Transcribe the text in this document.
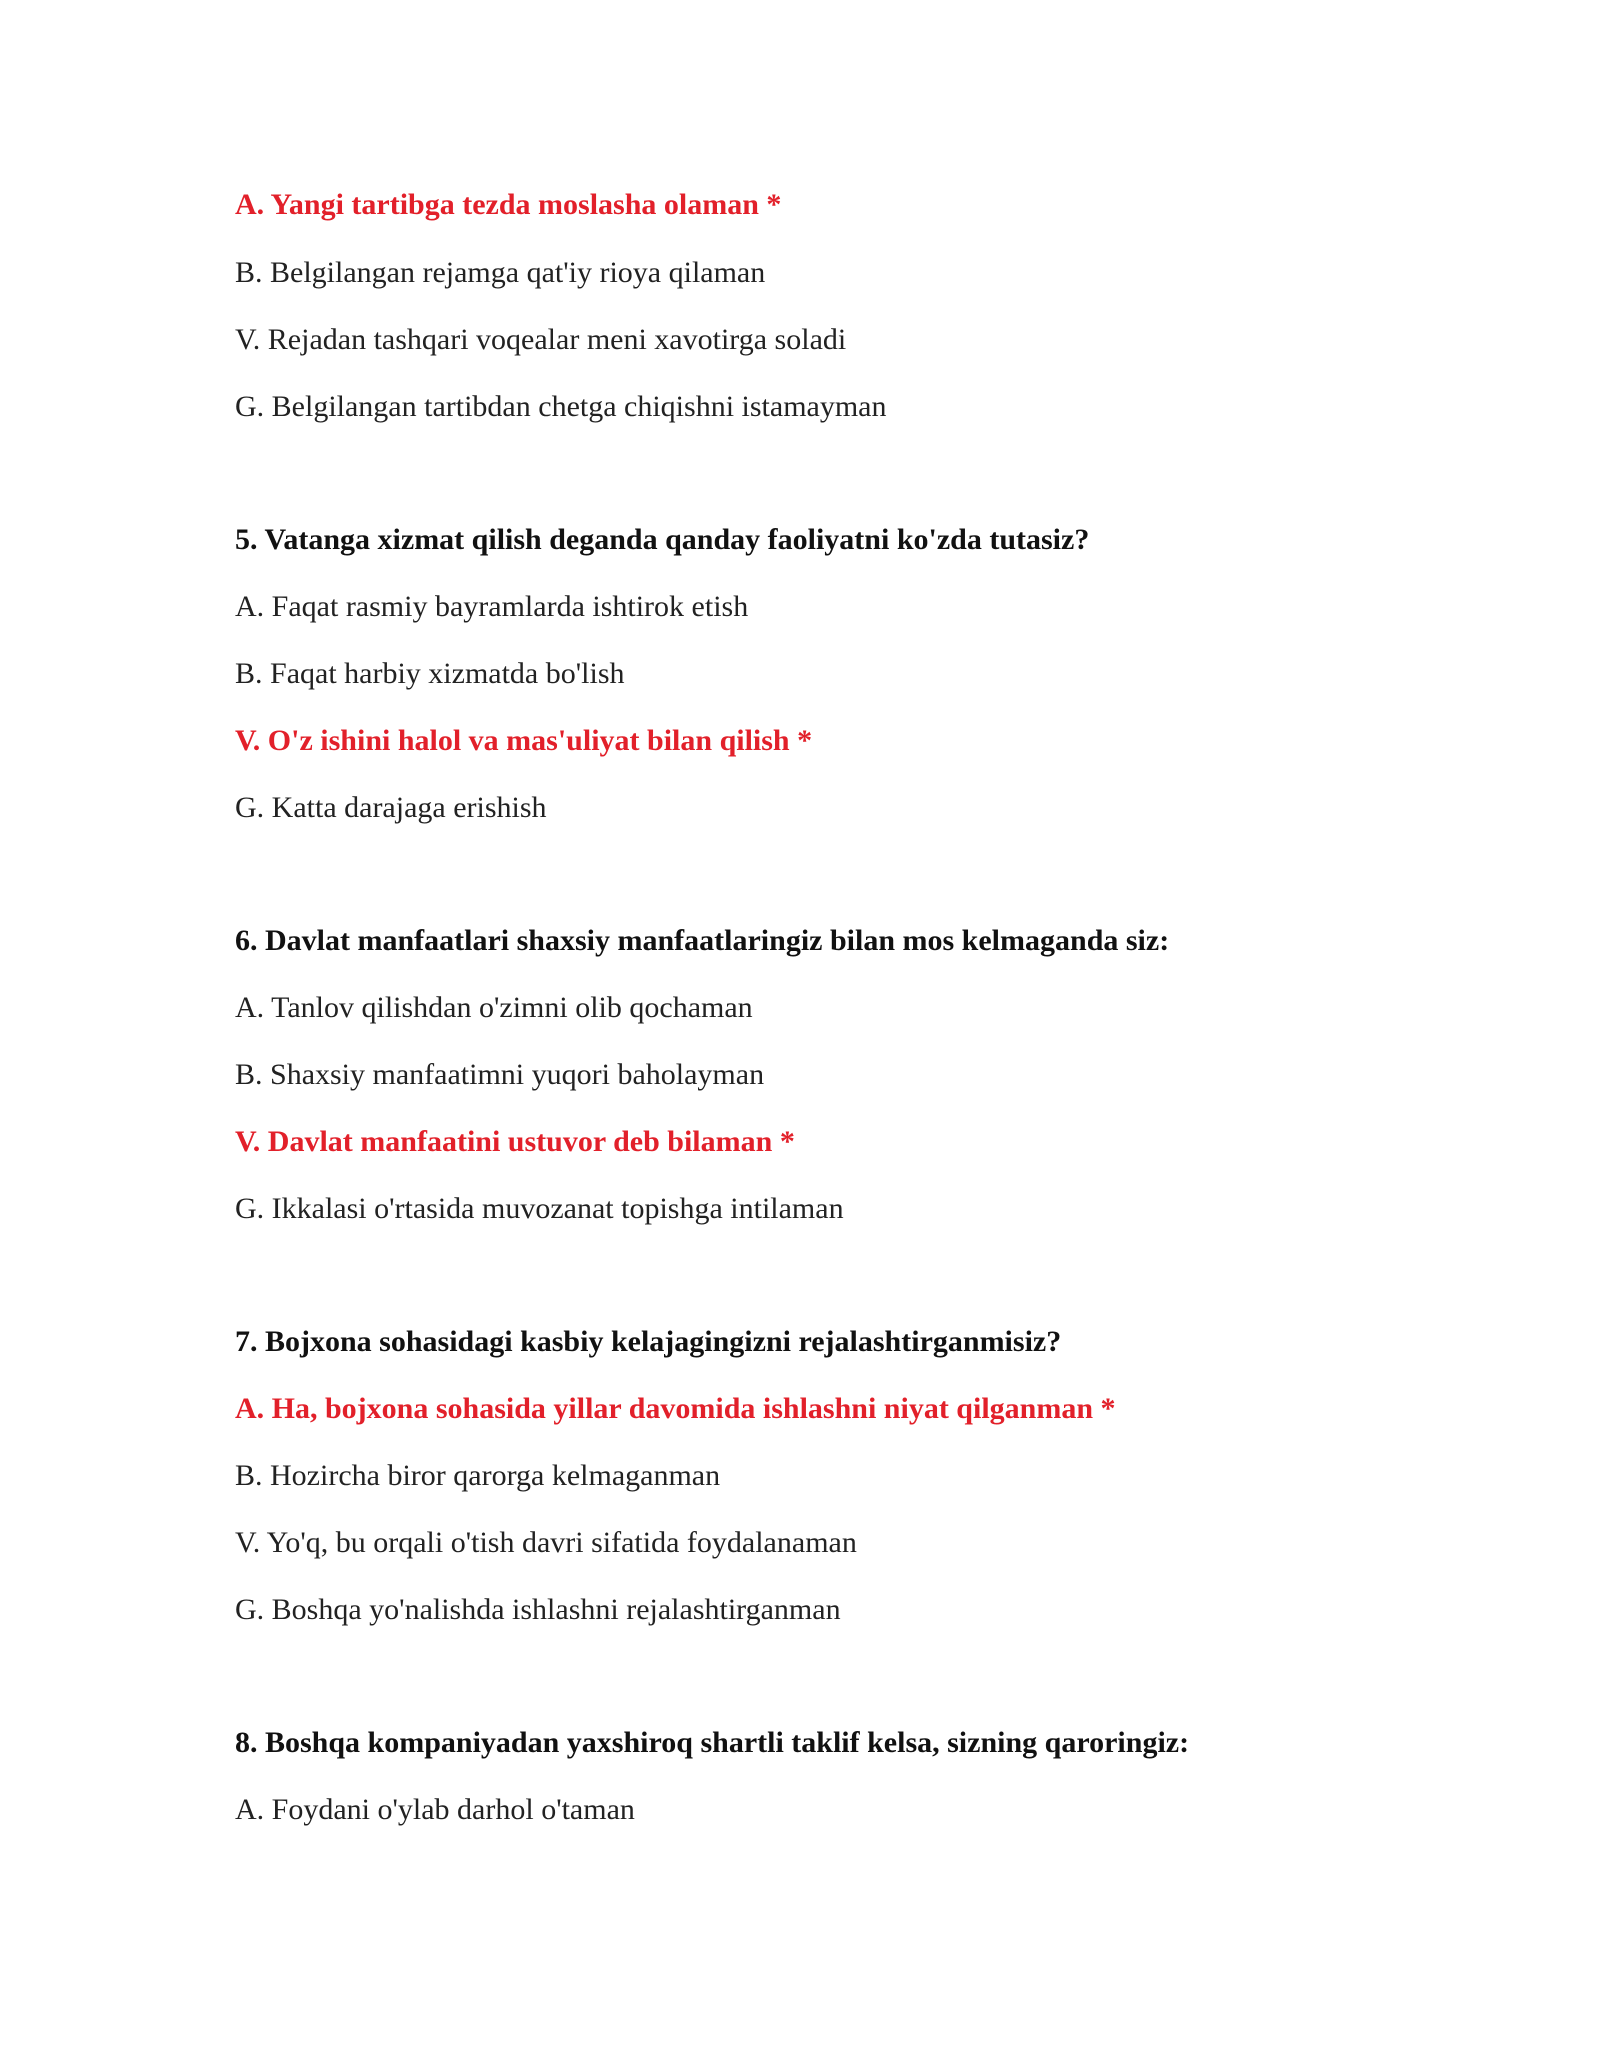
A. Yangi tartibga tezda moslasha olaman *
B. Belgilangan rejamga qat'iy rioya qilaman
V. Rejadan tashqari voqealar meni xavotirga soladi
G. Belgilangan tartibdan chetga chiqishni istamayman
5. Vatanga xizmat qilish deganda qanday faoliyatni ko'zda tutasiz?
A. Faqat rasmiy bayramlarda ishtirok etish
B. Faqat harbiy xizmatda bo'lish
V. O'z ishini halol va mas'uliyat bilan qilish *
G. Katta darajaga erishish
6. Davlat manfaatlari shaxsiy manfaatlaringiz bilan mos kelmaganda siz:
A. Tanlov qilishdan o'zimni olib qochaman
B. Shaxsiy manfaatimni yuqori baholayman
V. Davlat manfaatini ustuvor deb bilaman *
G. Ikkalasi o'rtasida muvozanat topishga intilaman
7. Bojxona sohasidagi kasbiy kelajagingizni rejalashtirganmisiz?
A. Ha, bojxona sohasida yillar davomida ishlashni niyat qilganman *
B. Hozircha biror qarorga kelmaganman
V. Yo'q, bu orqali o'tish davri sifatida foydalanaman
G. Boshqa yo'nalishda ishlashni rejalashtirganman
8. Boshqa kompaniyadan yaxshiroq shartli taklif kelsa, sizning qaroringiz:
A. Foydani o'ylab darhol o'taman
